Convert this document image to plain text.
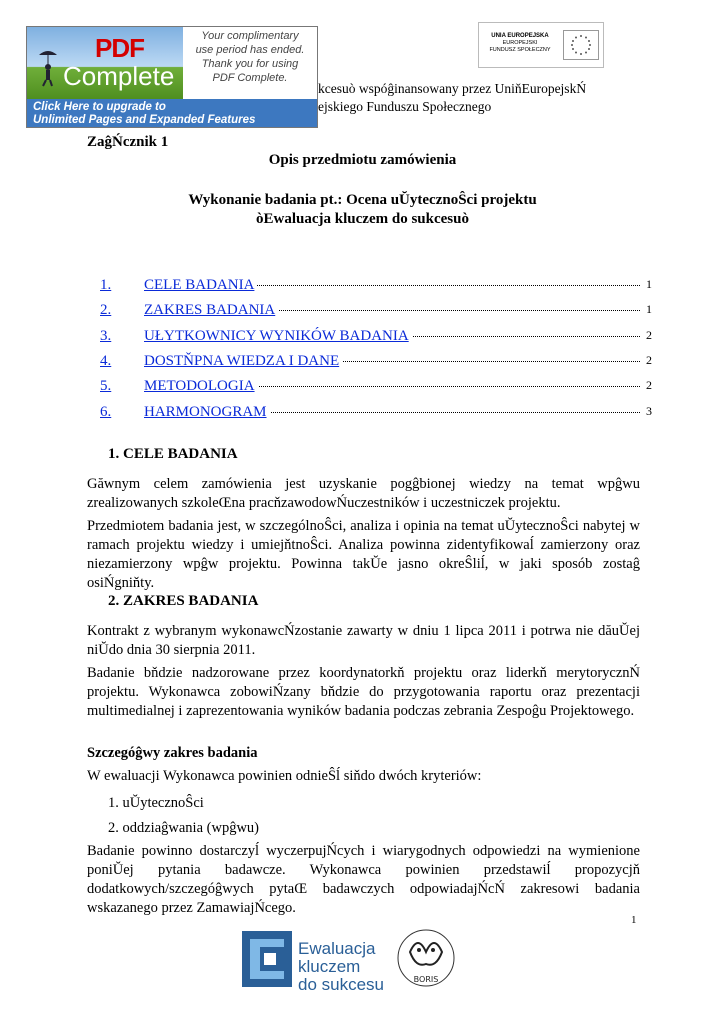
PDF
Complete
Your complimentary
use period has ended.
Thank you for using
PDF Complete.
Click Here to upgrade to
Unlimited Pages and Expanded Features
UNIA EUROPEJSKA
EUROPEJSKI
FUNDUSZ SPOŁECZNY
kcesuò wspóĝinansowany przez UniňEuropejskŃ
ejskiego Funduszu Społecznego
ZaĝŃcznik 1
Opis przedmiotu zamówienia
Wykonanie badania pt.: Ocena uŬytecznoŜci projektu
òEwaluacja kluczem do sukcesuò
1. CELE BADANIA	1
2. ZAKRES BADANIA	1
3. UŁYTKOWNICY WYNIKÓW BADANIA	2
4. DOSTŇPNA WIEDZA I DANE	2
5. METODOLOGIA	2
6. HARMONOGRAM	3
1. CELE BADANIA
Găwnym celem zamówienia jest uzyskanie pogĝbionej wiedzy na temat wpĝwu zrealizowanych szkoleŒna pracňzawodowŃuczestników i uczestniczek projektu.
Przedmiotem badania jest, w szczególnoŜci, analiza i opinia na temat uŬytecznoŜci nabytej w ramach projektu wiedzy i umiejňtnoŜci. Analiza powinna zidentyfikowaĺ zamierzony oraz niezamierzony wpĝw projektu. Powinna takŬe jasno okreŜliĺ, w jaki sposób zostaĝ osiŃgniňty.
2. ZAKRES BADANIA
Kontrakt z wybranym wykonawcŃzostanie zawarty w dniu 1 lipca 2011 i potrwa nie dăuŬej niŬdo dnia 30 sierpnia 2011.
Badanie bňdzie nadzorowane przez koordynatorkň projektu oraz liderkň merytorycznŃ projektu. Wykonawca zobowiŃzany bňdzie do przygotowania raportu oraz prezentacji multimedialnej i zaprezentowania wyników badania podczas zebrania Zespoĝu Projektowego.
Szczegóĝwy zakres badania
W ewaluacji Wykonawca powinien odnieŜĺ siňdo dwóch kryteriów:
1. uŬytecznoŜci
2. oddziaĝwania (wpĝwu)
Badanie powinno dostarczyĺ wyczerpujŃcych i wiarygodnych odpowiedzi na wymienione poniŬej pytania badawcze. Wykonawca powinien przedstawiĺ propozycjň dodatkowych/szczegóĝwych pytaŒ badawczych odpowiadajŃcŃ zakresowi badania wskazanego przez ZamawiajŃcego.
1
Ewaluacja
kluczem
do sukcesu	BORIS
